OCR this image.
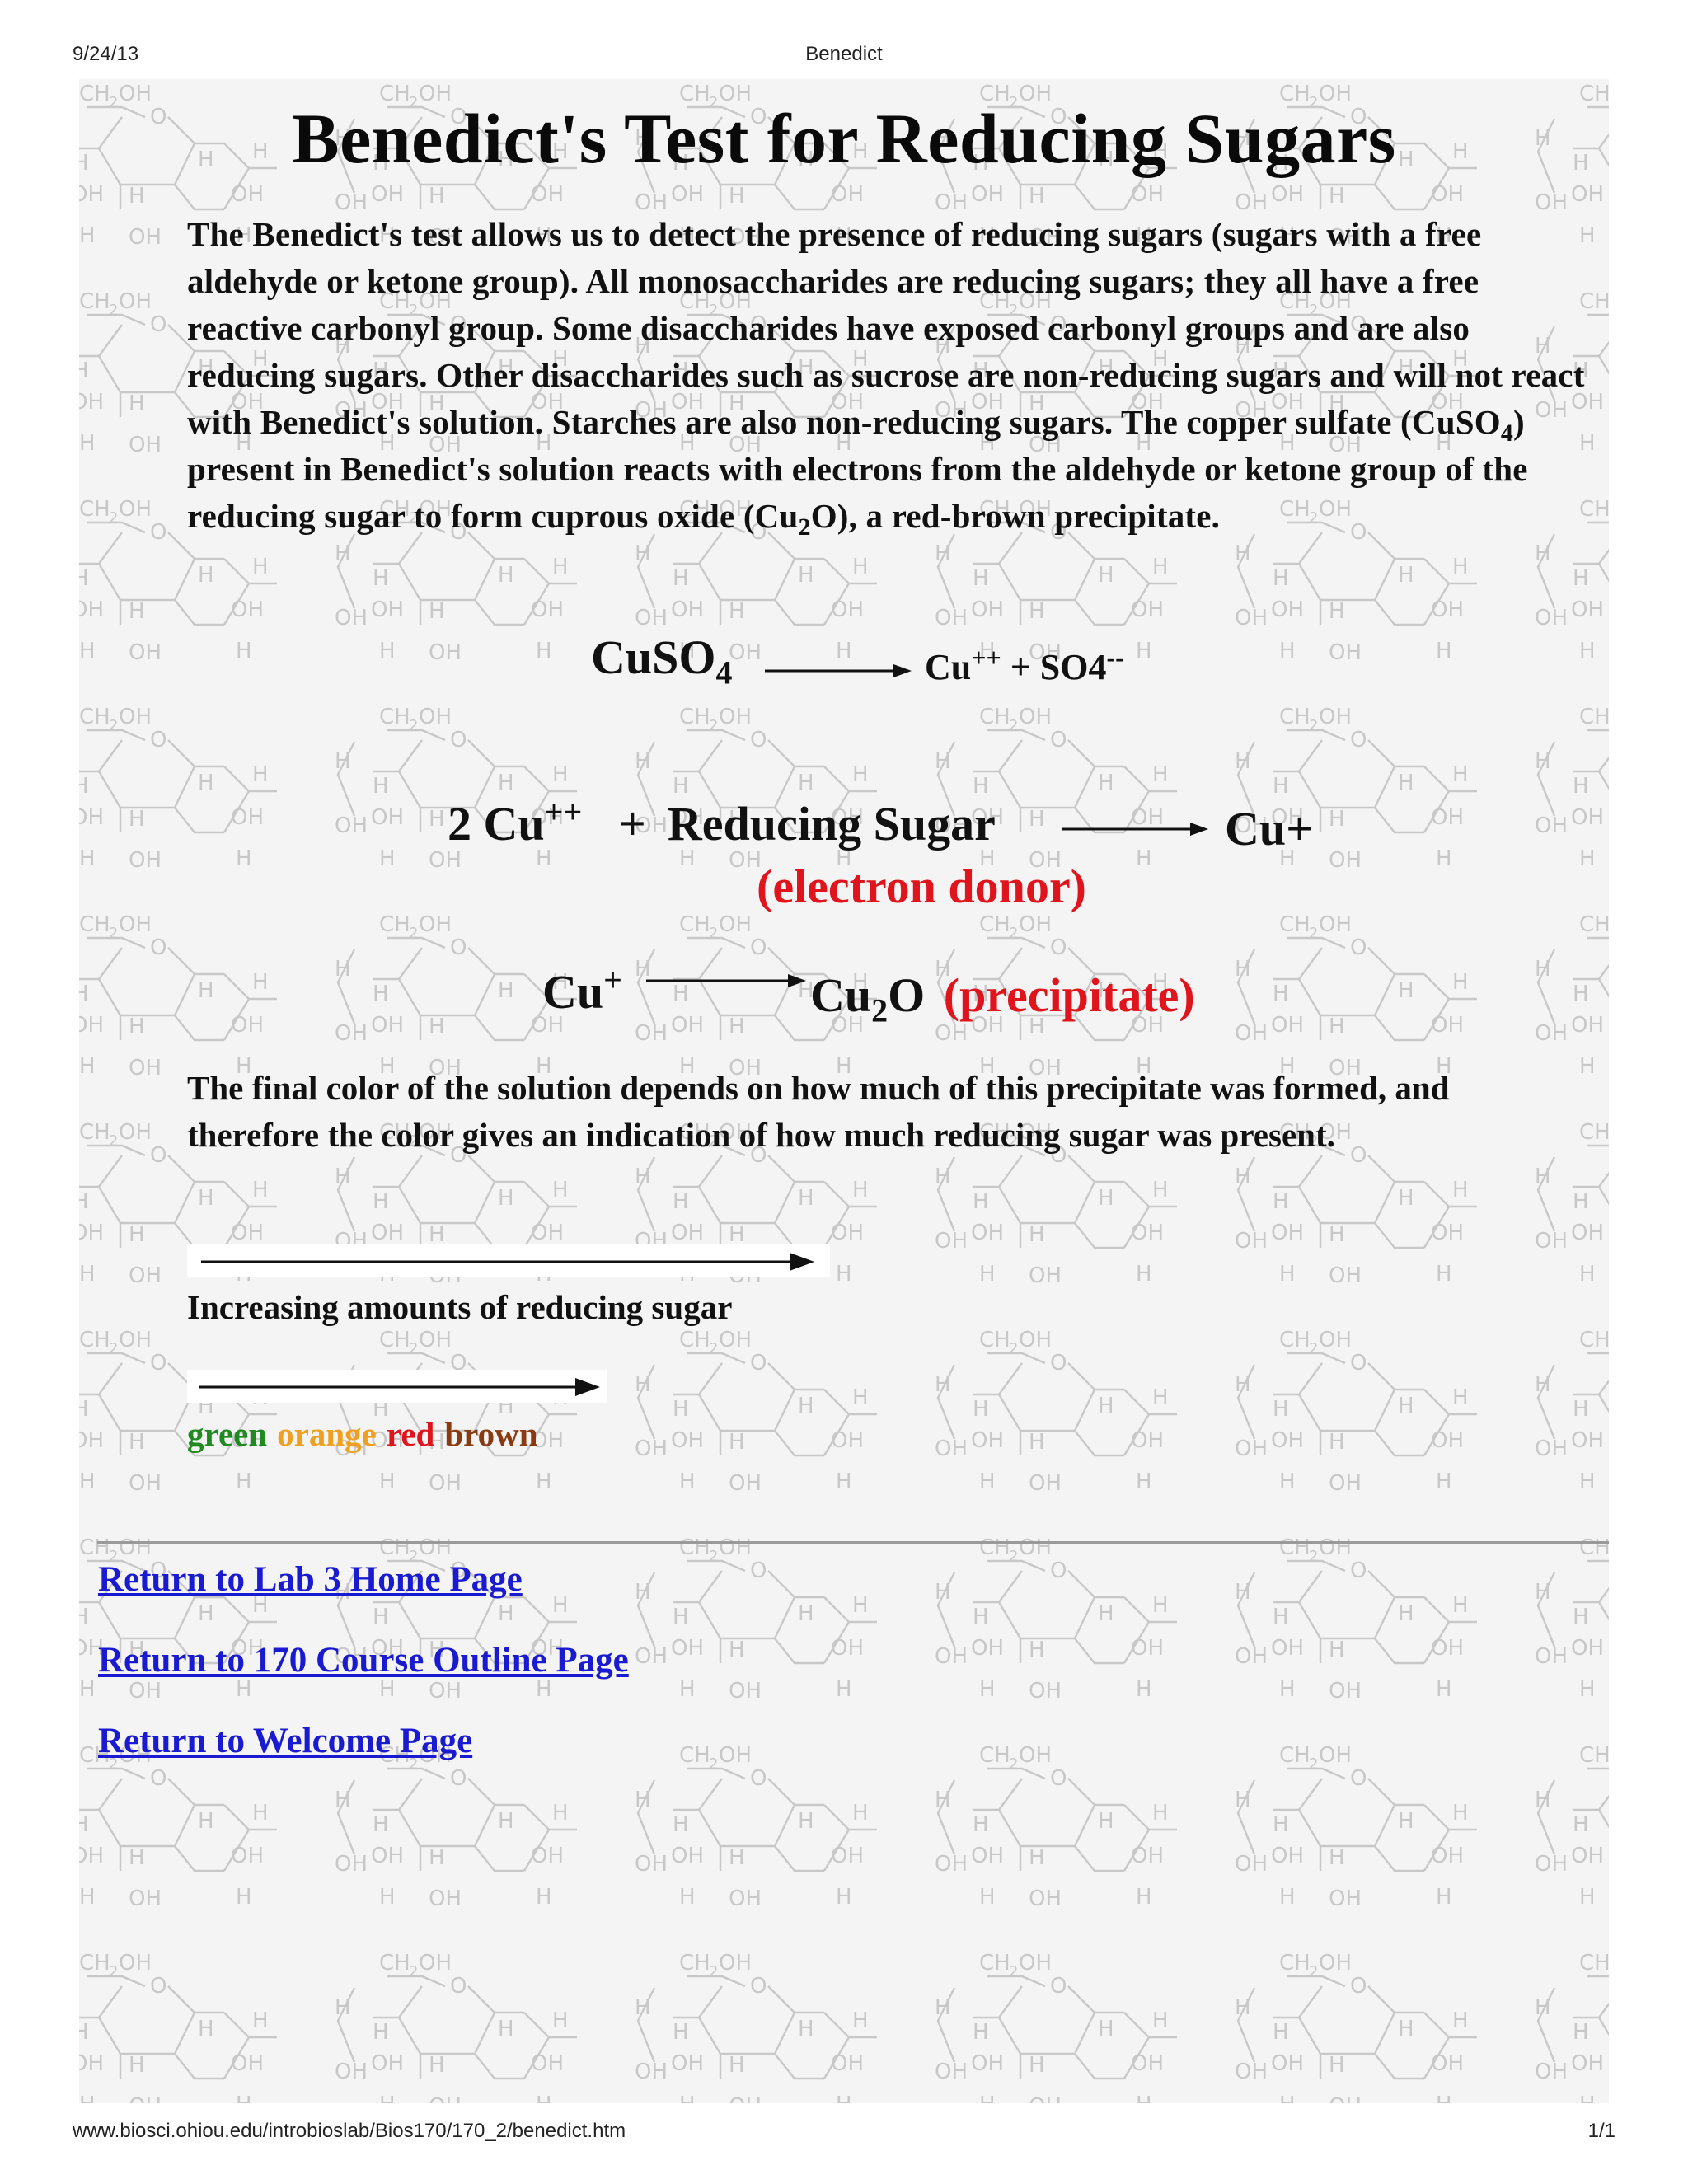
9/24/13	Benedict
Benedict's Test for Reducing Sugars

The Benedict's test allows us to detect the presence of reducing sugars (sugars with a free aldehyde or ketone group). All monosaccharides are reducing sugars; they all have a free reactive carbonyl group. Some disaccharides have exposed carbonyl groups and are also reducing sugars. Other disaccharides such as sucrose are non-reducing sugars and will not react with Benedict's solution. Starches are also non-reducing sugars. The copper sulfate (CuSO$_4$) present in Benedict's solution reacts with electrons from the aldehyde or ketone group of the reducing sugar to form cuprous oxide $(Cu_2O)$, a red-brown precipitate.

CuSO$_4$	Cu++ + SO4--
2 Cu++ + Reducing Sugar	Cu+
(electron donor)
Cu+	$Cu_2O$ (precipitate)

The final color of the solution depends on how much of this precipitate was formed, and therefore the color gives an indication of how much reducing sugar was present.

Increasing amounts of reducing sugar
green orange red brown
Return to Lab 3 Home Page
Return to 170 Course Outline Page
Return to Welcome Page
www.biosci.ohiou.edu/introbioslab/Bios170/170_2/benedict.htm	1/1
